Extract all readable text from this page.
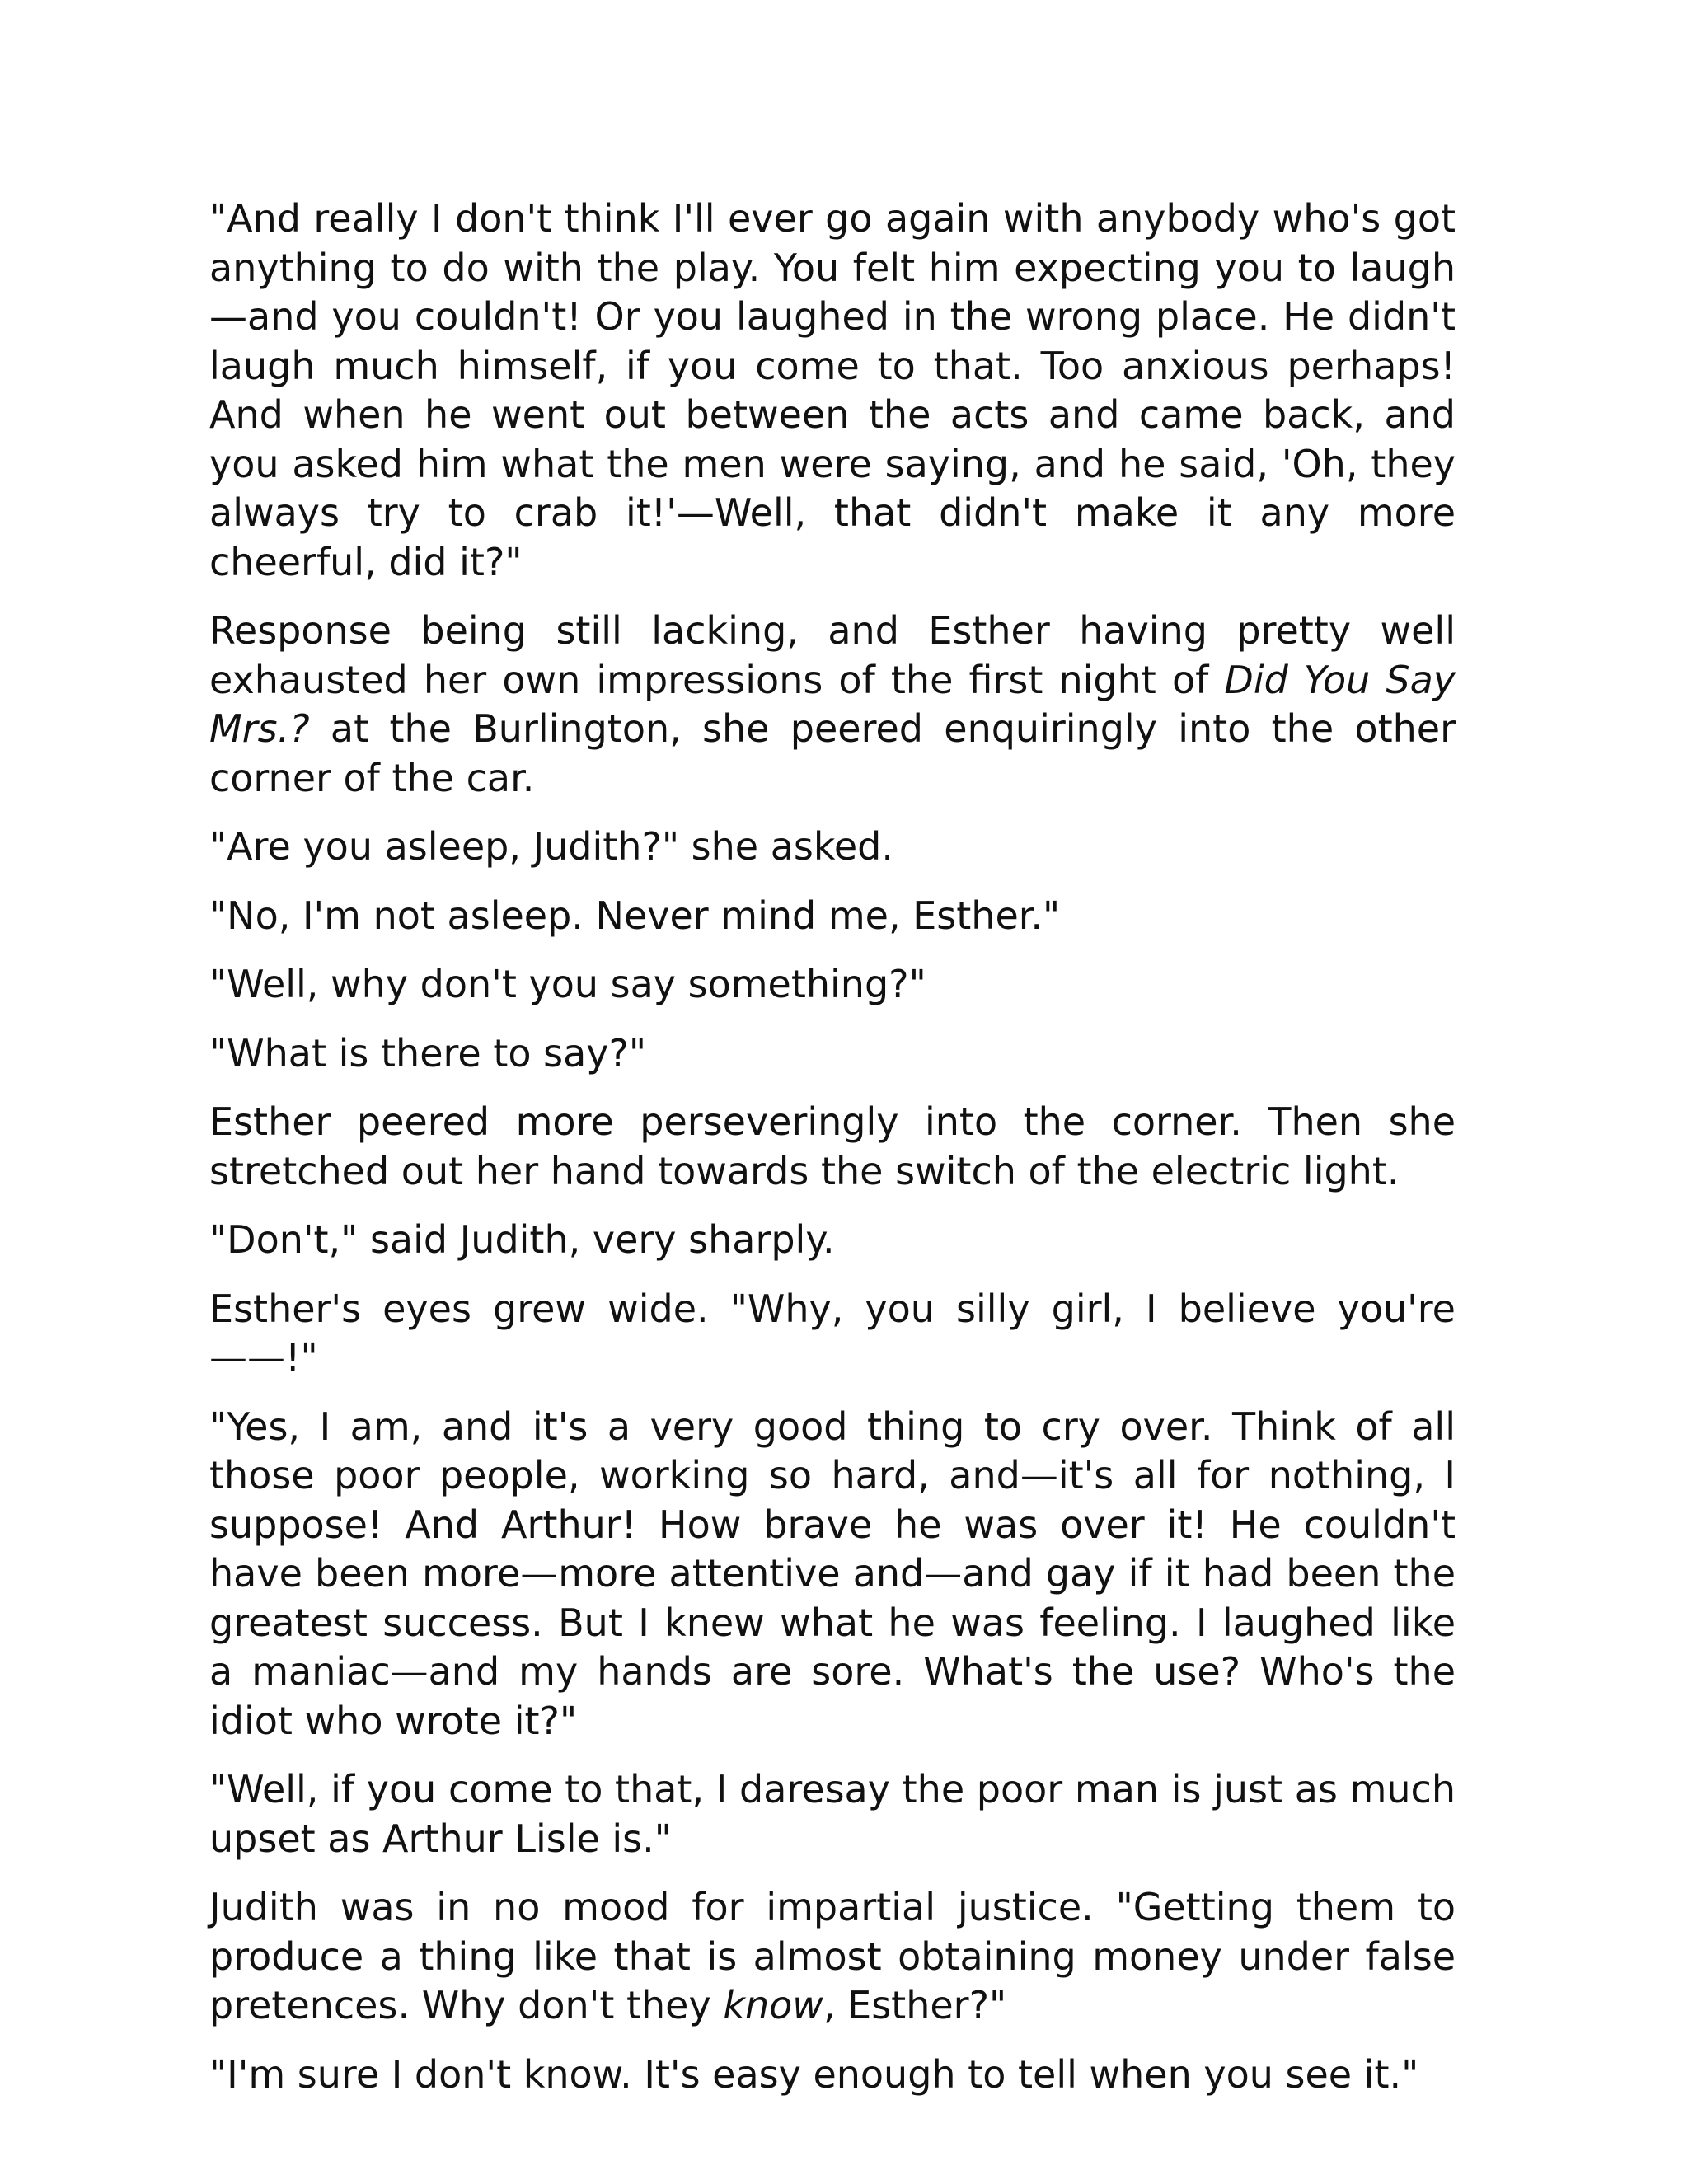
"And really I don't think I'll ever go again with anybody who's got anything to do with the play. You felt him expecting you to laugh—and you couldn't! Or you laughed in the wrong place. He didn't laugh much himself, if you come to that. Too anxious perhaps! And when he went out between the acts and came back, and you asked him what the men were saying, and he said, 'Oh, they always try to crab it!'—Well, that didn't make it any more cheerful, did it?"

Response being still lacking, and Esther having pretty well exhausted her own impressions of the first night of Did You Say Mrs.? at the Burlington, she peered enquiringly into the other corner of the car.

"Are you asleep, Judith?" she asked.

"No, I'm not asleep. Never mind me, Esther."

"Well, why don't you say something?"

"What is there to say?"

Esther peered more perseveringly into the corner. Then she stretched out her hand towards the switch of the electric light.

"Don't," said Judith, very sharply.

Esther's eyes grew wide. "Why, you silly girl, I believe you're——!"

"Yes, I am, and it's a very good thing to cry over. Think of all those poor people, working so hard, and—it's all for nothing, I suppose! And Arthur! How brave he was over it! He couldn't have been more—more attentive and—and gay if it had been the greatest success. But I knew what he was feeling. I laughed like a maniac—and my hands are sore. What's the use? Who's the idiot who wrote it?"

"Well, if you come to that, I daresay the poor man is just as much upset as Arthur Lisle is."

Judith was in no mood for impartial justice. "Getting them to produce a thing like that is almost obtaining money under false pretences. Why don't they know, Esther?"

"I'm sure I don't know. It's easy enough to tell when you see it."
